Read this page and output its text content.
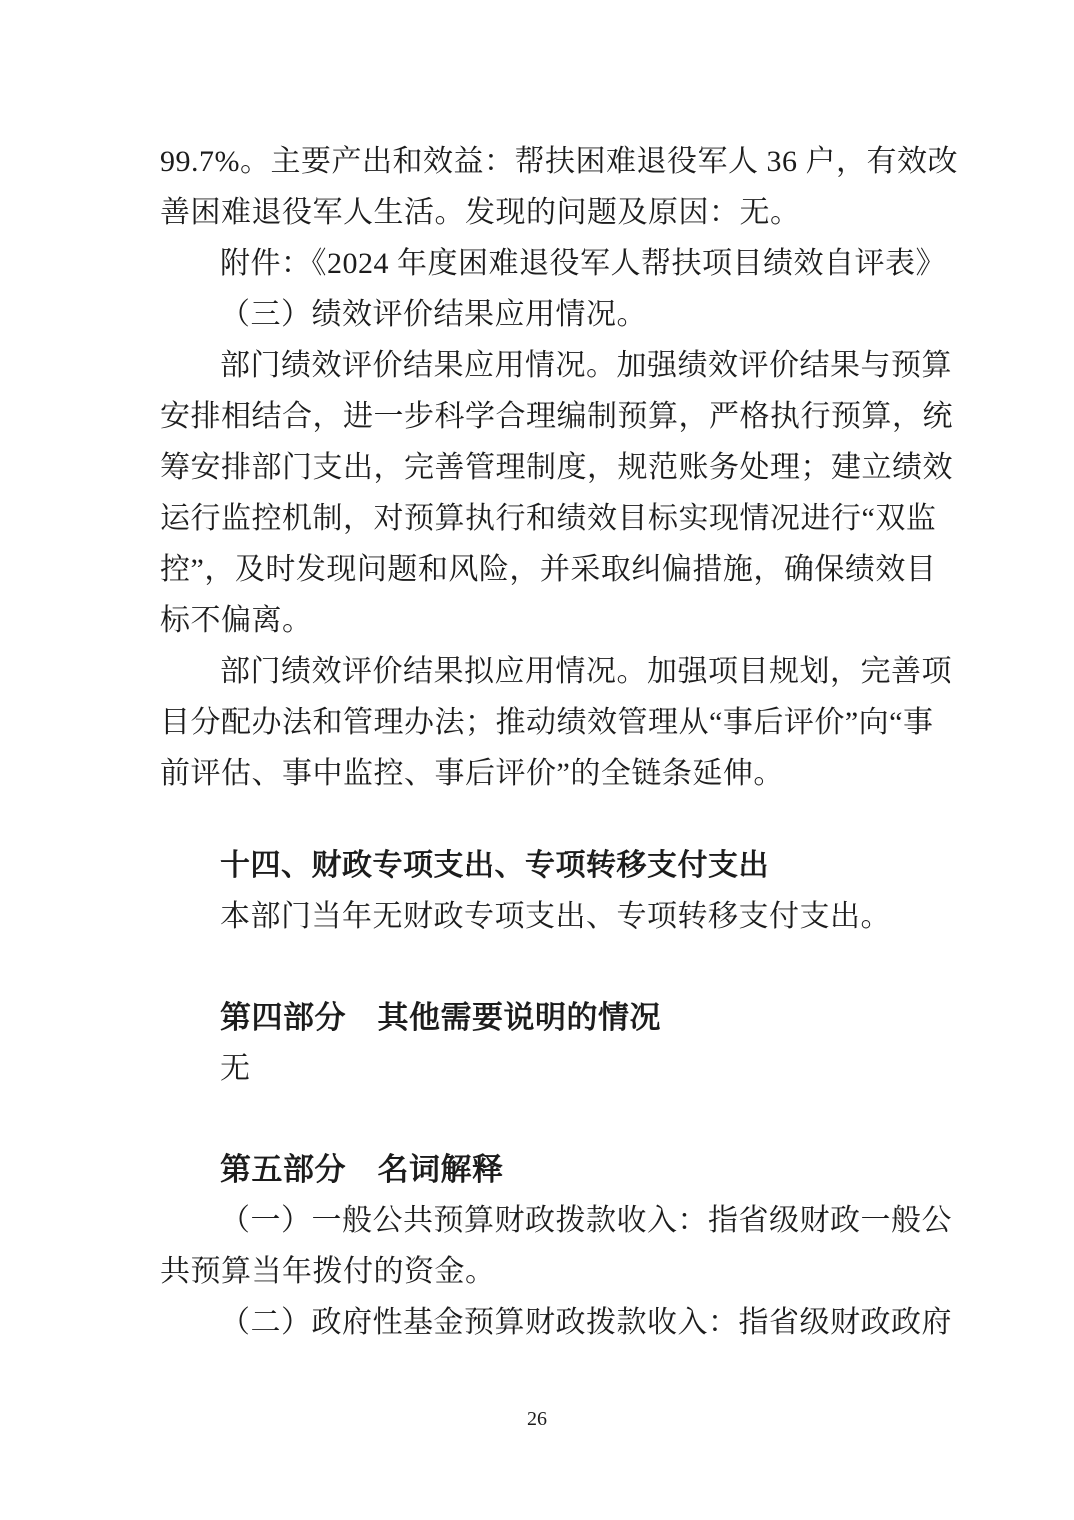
99.7%。主要产出和效益：帮扶困难退役军人 36 户，有效改
善困难退役军人生活。发现的问题及原因：无。
附件：《2024 年度困难退役军人帮扶项目绩效自评表》
（三）绩效评价结果应用情况。
部门绩效评价结果应用情况。加强绩效评价结果与预算
安排相结合，进一步科学合理编制预算，严格执行预算，统
筹安排部门支出，完善管理制度，规范账务处理；建立绩效
运行监控机制，对预算执行和绩效目标实现情况进行“双监
控”，及时发现问题和风险，并采取纠偏措施，确保绩效目
标不偏离。
部门绩效评价结果拟应用情况。加强项目规划，完善项
目分配办法和管理办法；推动绩效管理从“事后评价”向“事
前评估、事中监控、事后评价”的全链条延伸。
十四、财政专项支出、专项转移支付支出
本部门当年无财政专项支出、专项转移支付支出。
第四部分　其他需要说明的情况
无
第五部分　名词解释
（一）一般公共预算财政拨款收入：指省级财政一般公
共预算当年拨付的资金。
（二）政府性基金预算财政拨款收入：指省级财政政府
26
